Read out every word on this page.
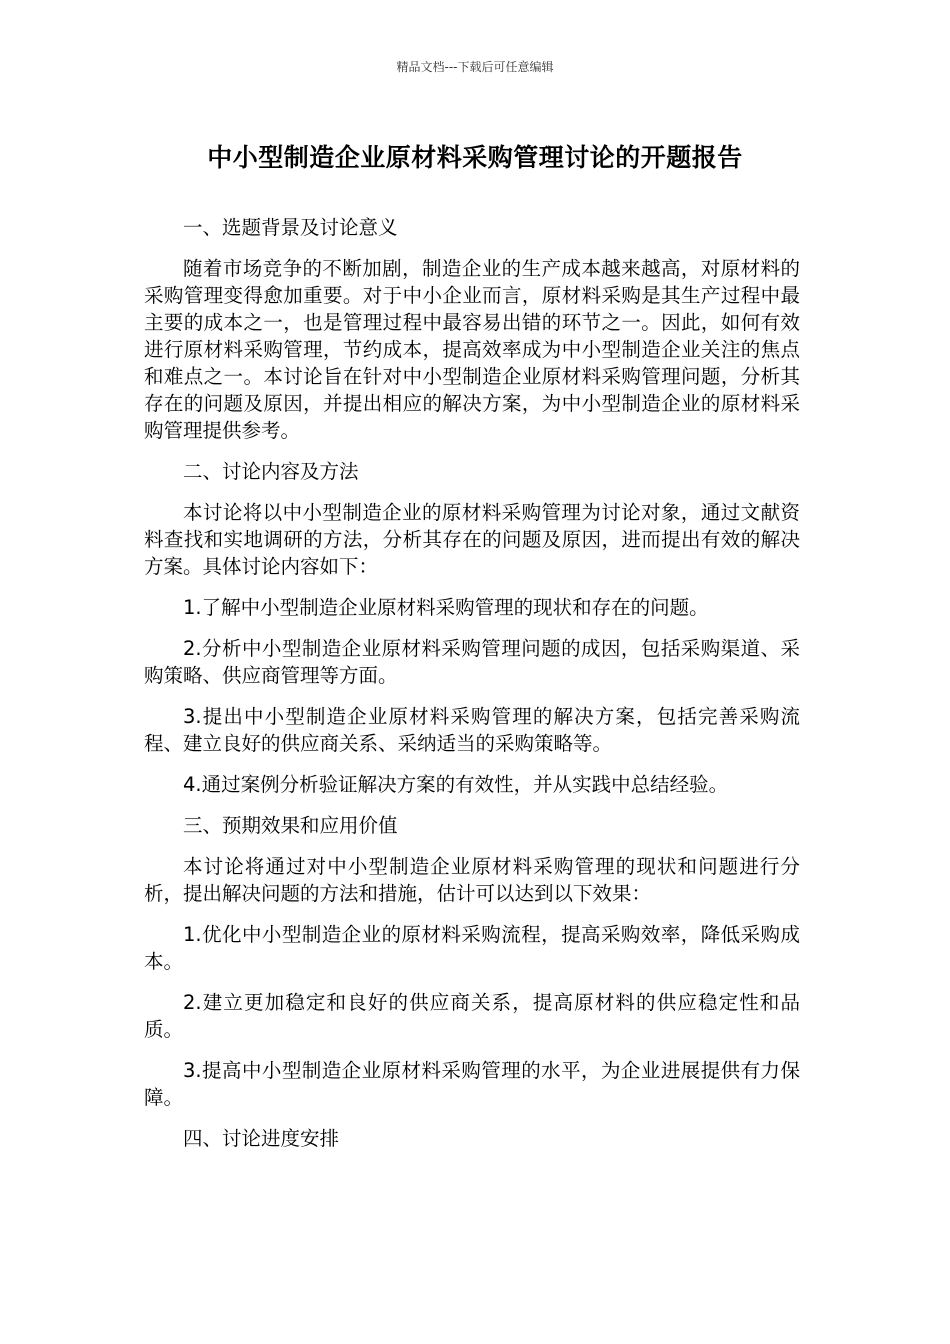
精品文档---下载后可任意编辑
中小型制造企业原材料采购管理讨论的开题报告

一、选题背景及讨论意义

随着市场竞争的不断加剧，制造企业的生产成本越来越高，对原材料的采购管理变得愈加重要。对于中小企业而言，原材料采购是其生产过程中最主要的成本之一，也是管理过程中最容易出错的环节之一。因此，如何有效进行原材料采购管理，节约成本，提高效率成为中小型制造企业关注的焦点和难点之一。本讨论旨在针对中小型制造企业原材料采购管理问题，分析其存在的问题及原因，并提出相应的解决方案，为中小型制造企业的原材料采购管理提供参考。

二、讨论内容及方法

本讨论将以中小型制造企业的原材料采购管理为讨论对象，通过文献资料查找和实地调研的方法，分析其存在的问题及原因，进而提出有效的解决方案。具体讨论内容如下：

1.了解中小型制造企业原材料采购管理的现状和存在的问题。

2.分析中小型制造企业原材料采购管理问题的成因，包括采购渠道、采购策略、供应商管理等方面。

3.提出中小型制造企业原材料采购管理的解决方案，包括完善采购流程、建立良好的供应商关系、采纳适当的采购策略等。

4.通过案例分析验证解决方案的有效性，并从实践中总结经验。

三、预期效果和应用价值

本讨论将通过对中小型制造企业原材料采购管理的现状和问题进行分析，提出解决问题的方法和措施，估计可以达到以下效果：

1.优化中小型制造企业的原材料采购流程，提高采购效率，降低采购成本。

2.建立更加稳定和良好的供应商关系，提高原材料的供应稳定性和品质。

3.提高中小型制造企业原材料采购管理的水平，为企业进展提供有力保障。

四、讨论进度安排
